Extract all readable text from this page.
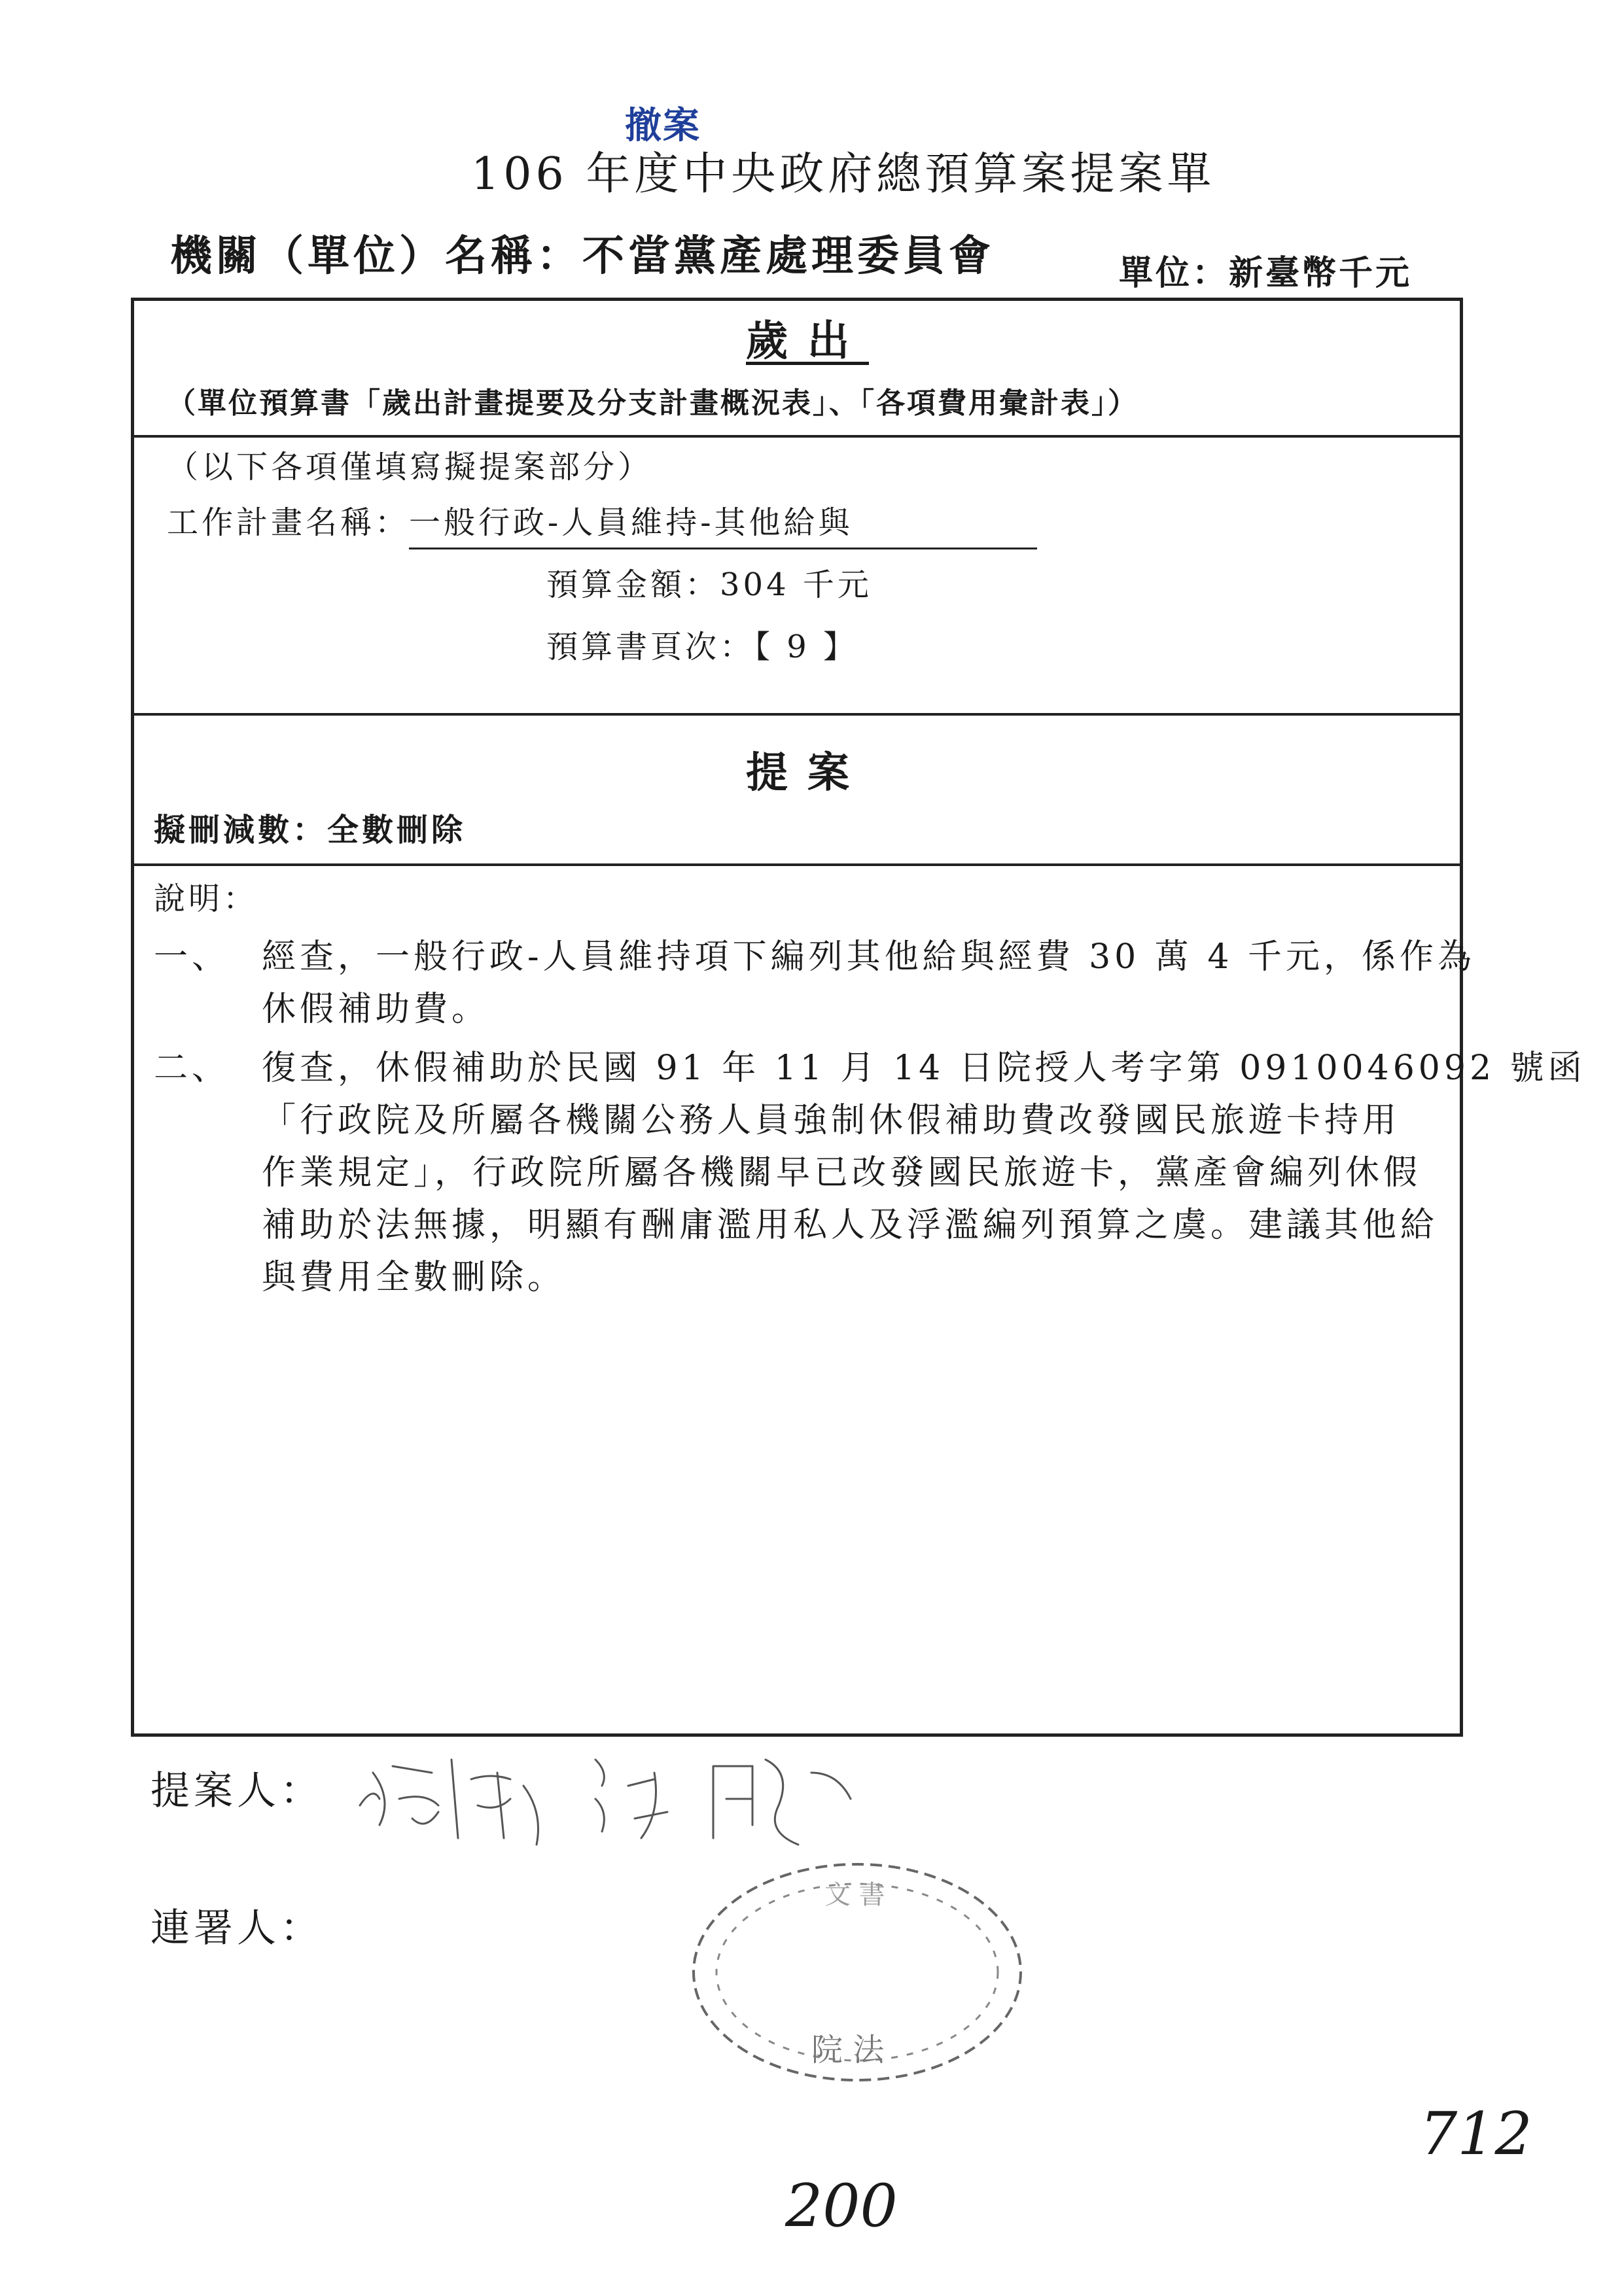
撤案
106 年度中央政府總預算案提案單
機關（單位）名稱：不當黨產處理委員會	單位：新臺幣千元
歲出
（單位預算書「歲出計畫提要及分支計畫概況表」、「各項費用彙計表」）
（以下各項僅填寫擬提案部分）
工作計畫名稱：
一般行政-人員維持-其他給與
預算金額：304 千元
預算書頁次：【 9 】
提案
擬刪減數：全數刪除
說明：
一、 經查，一般行政-人員維持項下編列其他給與經費 30 萬 4 千元，係作為
休假補助費。
二、 復查，休假補助於民國 91 年 11 月 14 日院授人考字第 0910046092 號函
「行政院及所屬各機關公務人員強制休假補助費改發國民旅遊卡持用
作業規定」，行政院所屬各機關早已改發國民旅遊卡，黨產會編列休假
補助於法無據，明顯有酬庸濫用私人及浮濫編列預算之虞。建議其他給
與費用全數刪除。
提案人：
連署人：
院 法
文 書
200
712
